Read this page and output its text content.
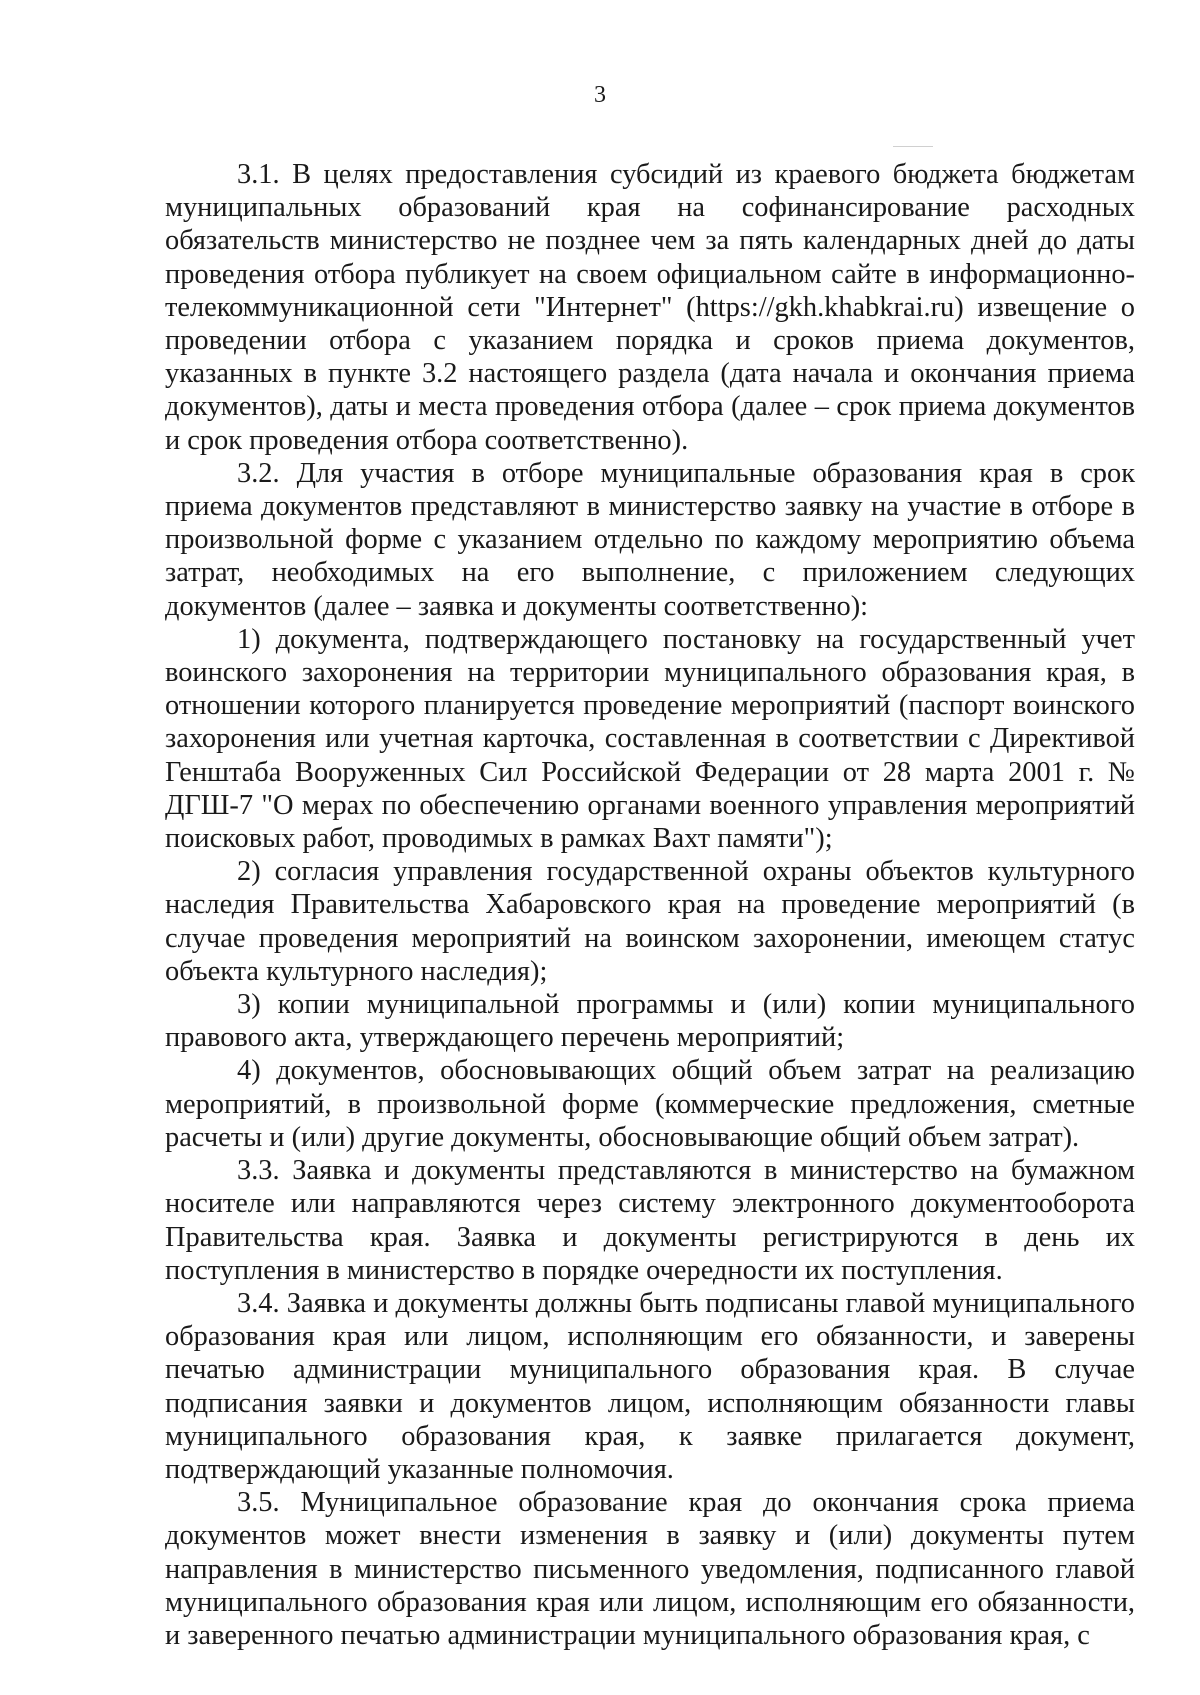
3

3.1. В целях предоставления субсидий из краевого бюджета бюджетам муниципальных образований края на софинансирование расходных обязательств министерство не позднее чем за пять календарных дней до даты проведения отбора публикует на своем официальном сайте в информационно-телекоммуникационной сети "Интернет" (https://gkh.khabkrai.ru) извещение о проведении отбора с указанием порядка и сроков приема документов, указанных в пункте 3.2 настоящего раздела (дата начала и окончания приема документов), даты и места проведения отбора (далее – срок приема документов и срок проведения отбора соответственно).

3.2. Для участия в отборе муниципальные образования края в срок приема документов представляют в министерство заявку на участие в отборе в произвольной форме с указанием отдельно по каждому мероприятию объема затрат, необходимых на его выполнение, с приложением следующих документов (далее – заявка и документы соответственно):

1) документа, подтверждающего постановку на государственный учет воинского захоронения на территории муниципального образования края, в отношении которого планируется проведение мероприятий (паспорт воинского захоронения или учетная карточка, составленная в соответствии с Директивой Генштаба Вооруженных Сил Российской Федерации от 28 марта 2001 г. № ДГШ-7 "О мерах по обеспечению органами военного управления мероприятий поисковых работ, проводимых в рамках Вахт памяти");

2) согласия управления государственной охраны объектов культурного наследия Правительства Хабаровского края на проведение мероприятий (в случае проведения мероприятий на воинском захоронении, имеющем статус объекта культурного наследия);

3) копии муниципальной программы и (или) копии муниципального правового акта, утверждающего перечень мероприятий;

4) документов, обосновывающих общий объем затрат на реализацию мероприятий, в произвольной форме (коммерческие предложения, сметные расчеты и (или) другие документы, обосновывающие общий объем затрат).

3.3. Заявка и документы представляются в министерство на бумажном носителе или направляются через систему электронного документооборота Правительства края. Заявка и документы регистрируются в день их поступления в министерство в порядке очередности их поступления.

3.4. Заявка и документы должны быть подписаны главой муниципального образования края или лицом, исполняющим его обязанности, и заверены печатью администрации муниципального образования края. В случае подписания заявки и документов лицом, исполняющим обязанности главы муниципального образования края, к заявке прилагается документ, подтверждающий указанные полномочия.

3.5. Муниципальное образование края до окончания срока приема документов может внести изменения в заявку и (или) документы путем направления в министерство письменного уведомления, подписанного главой муниципального образования края или лицом, исполняющим его обязанности, и заверенного печатью администрации муниципального образования края, с
